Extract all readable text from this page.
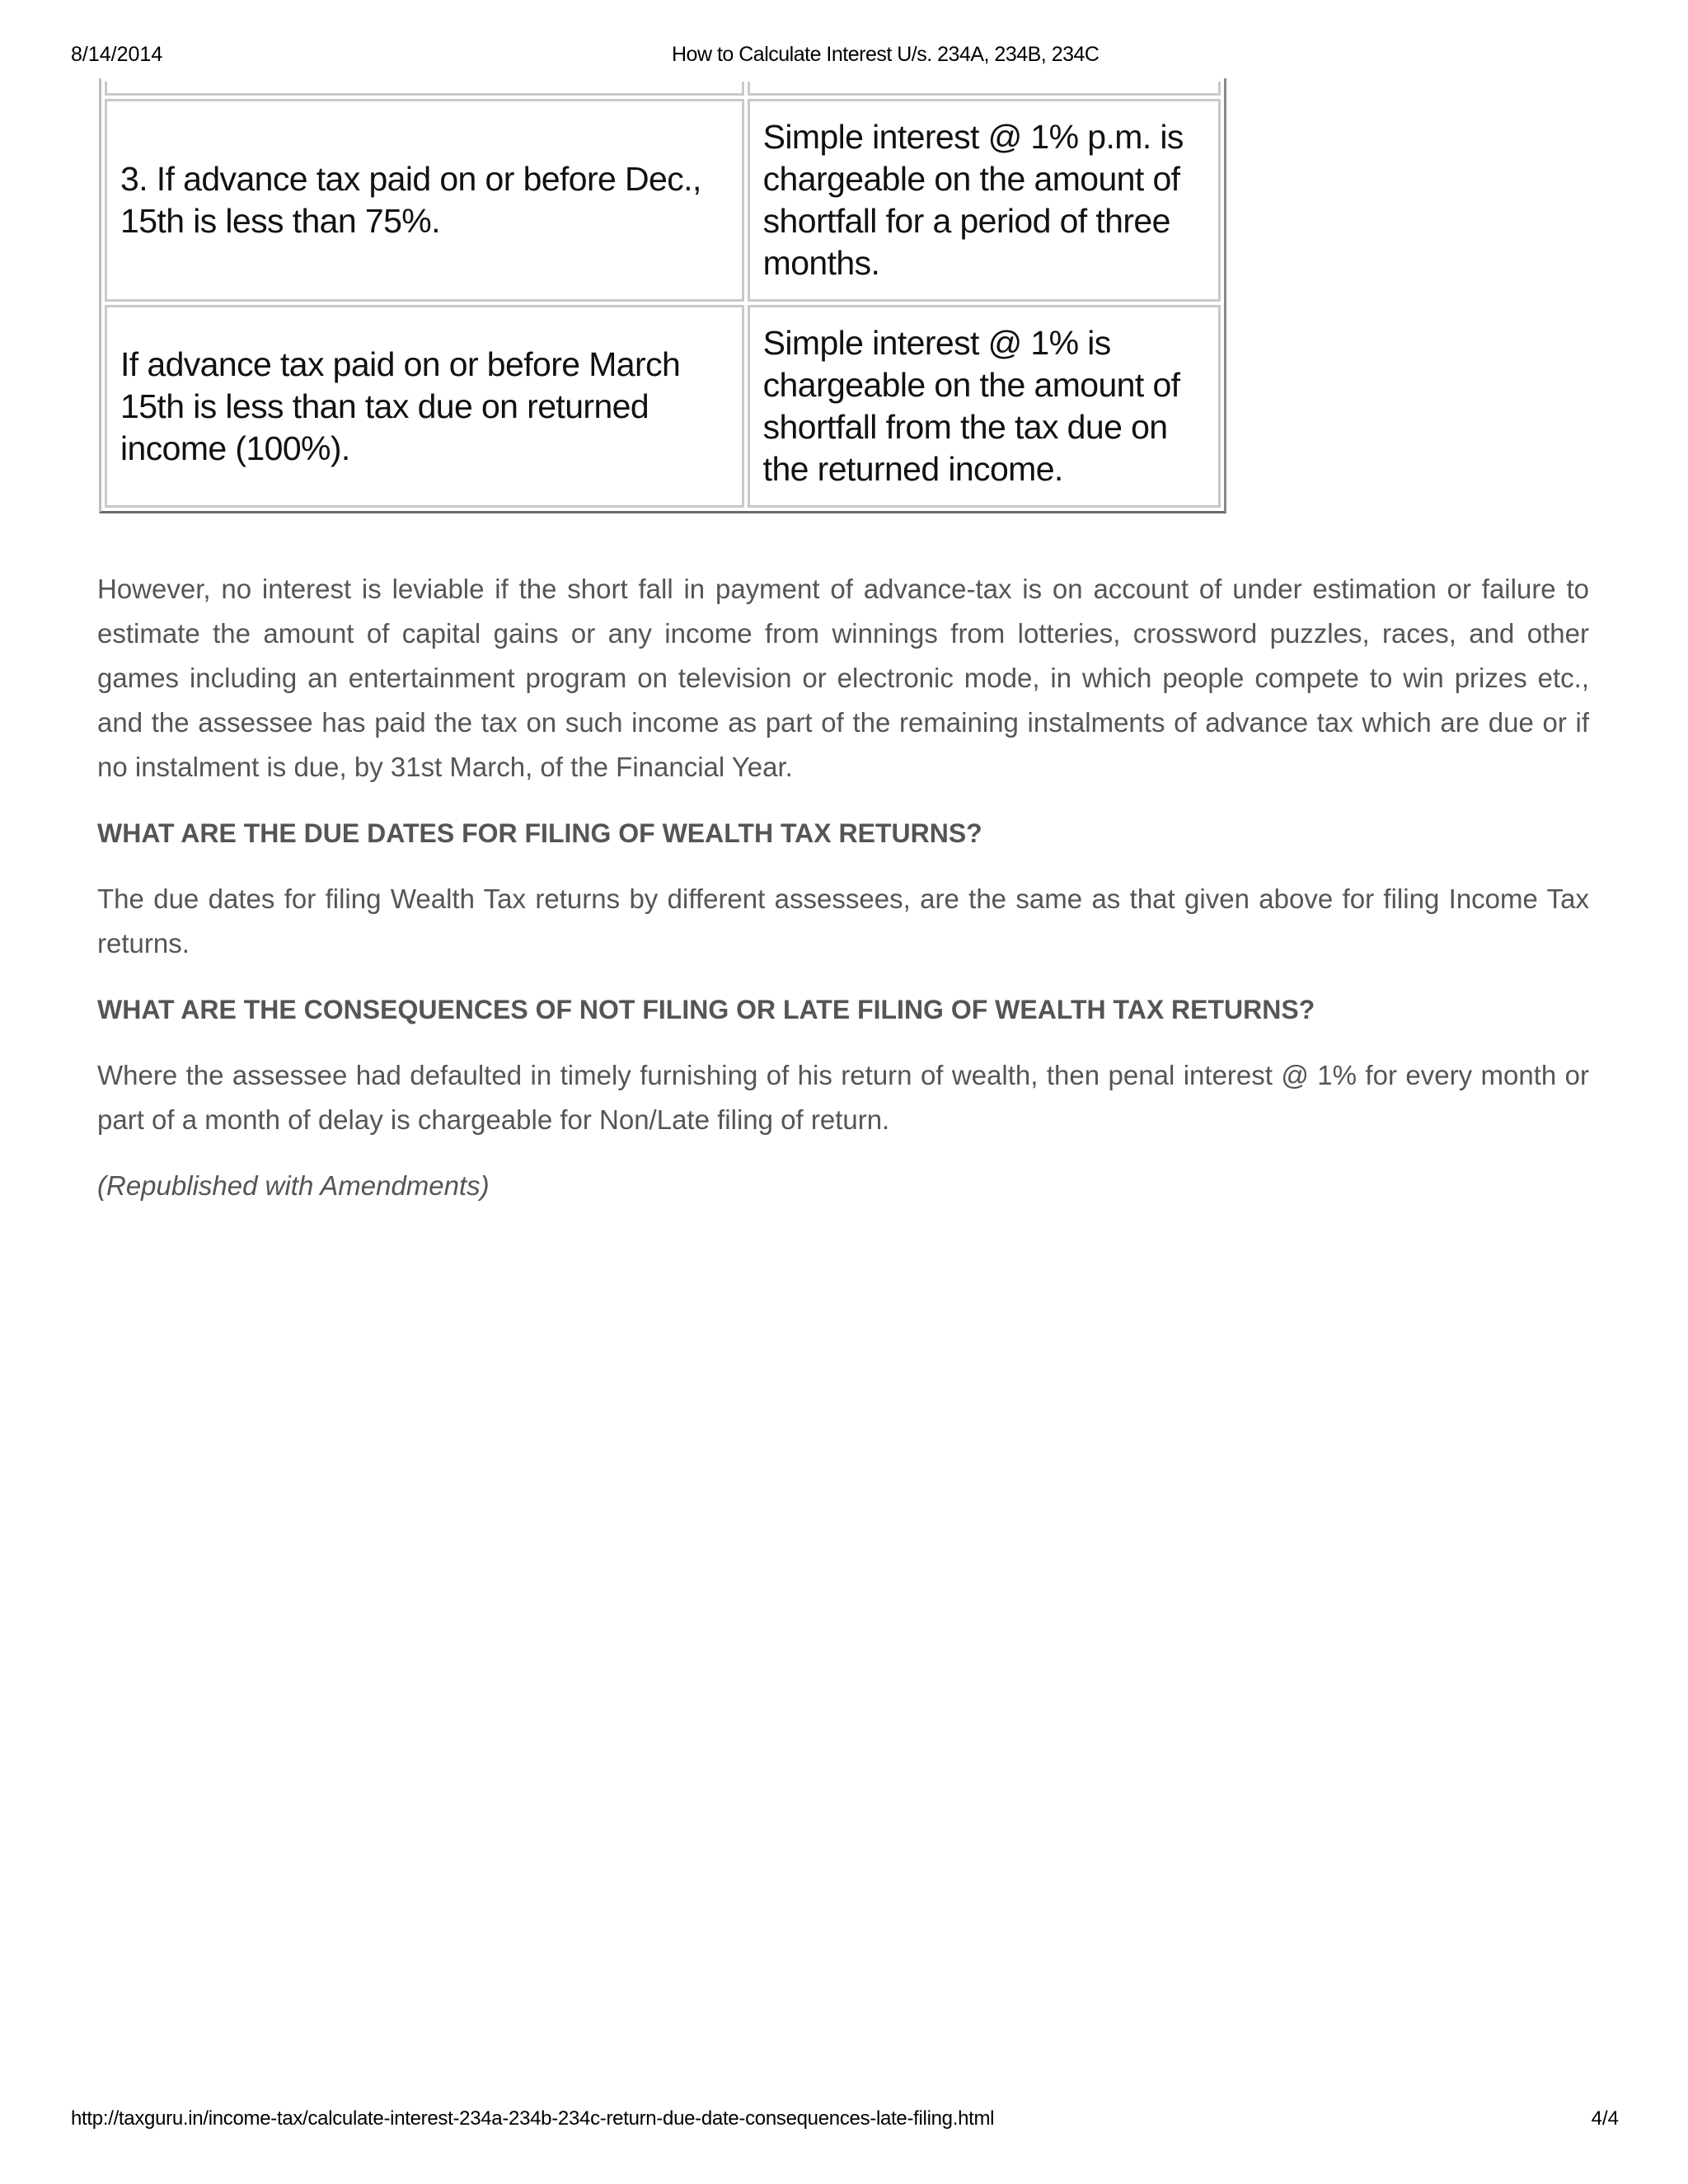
8/14/2014	How to Calculate Interest U/s. 234A, 234B, 234C

3. If advance tax paid on or before Dec., 15th is less than 75%.	Simple interest @ 1% p.m. is chargeable on the amount of shortfall for a period of three months.
If advance tax paid on or before March 15th is less than tax due on returned income (100%).	Simple interest @ 1% is chargeable on the amount of shortfall from the tax due on the returned income.

However, no interest is leviable if the short fall in payment of advance-tax is on account of under estimation or failure to estimate the amount of capital gains or any income from winnings from lotteries, crossword puzzles, races, and other games including an entertainment program on television or electronic mode, in which people compete to win prizes etc., and the assessee has paid the tax on such income as part of the remaining instalments of advance tax which are due or if no instalment is due, by 31st March, of the Financial Year.

WHAT ARE THE DUE DATES FOR FILING OF WEALTH TAX RETURNS?

The due dates for filing Wealth Tax returns by different assessees, are the same as that given above for filing Income Tax returns.

WHAT ARE THE CONSEQUENCES OF NOT FILING OR LATE FILING OF WEALTH TAX RETURNS?

Where the assessee had defaulted in timely furnishing of his return of wealth, then penal interest @ 1% for every month or part of a month of delay is chargeable for Non/Late filing of return.

(Republished with Amendments)

http://taxguru.in/income-tax/calculate-interest-234a-234b-234c-return-due-date-consequences-late-filing.html	4/4
